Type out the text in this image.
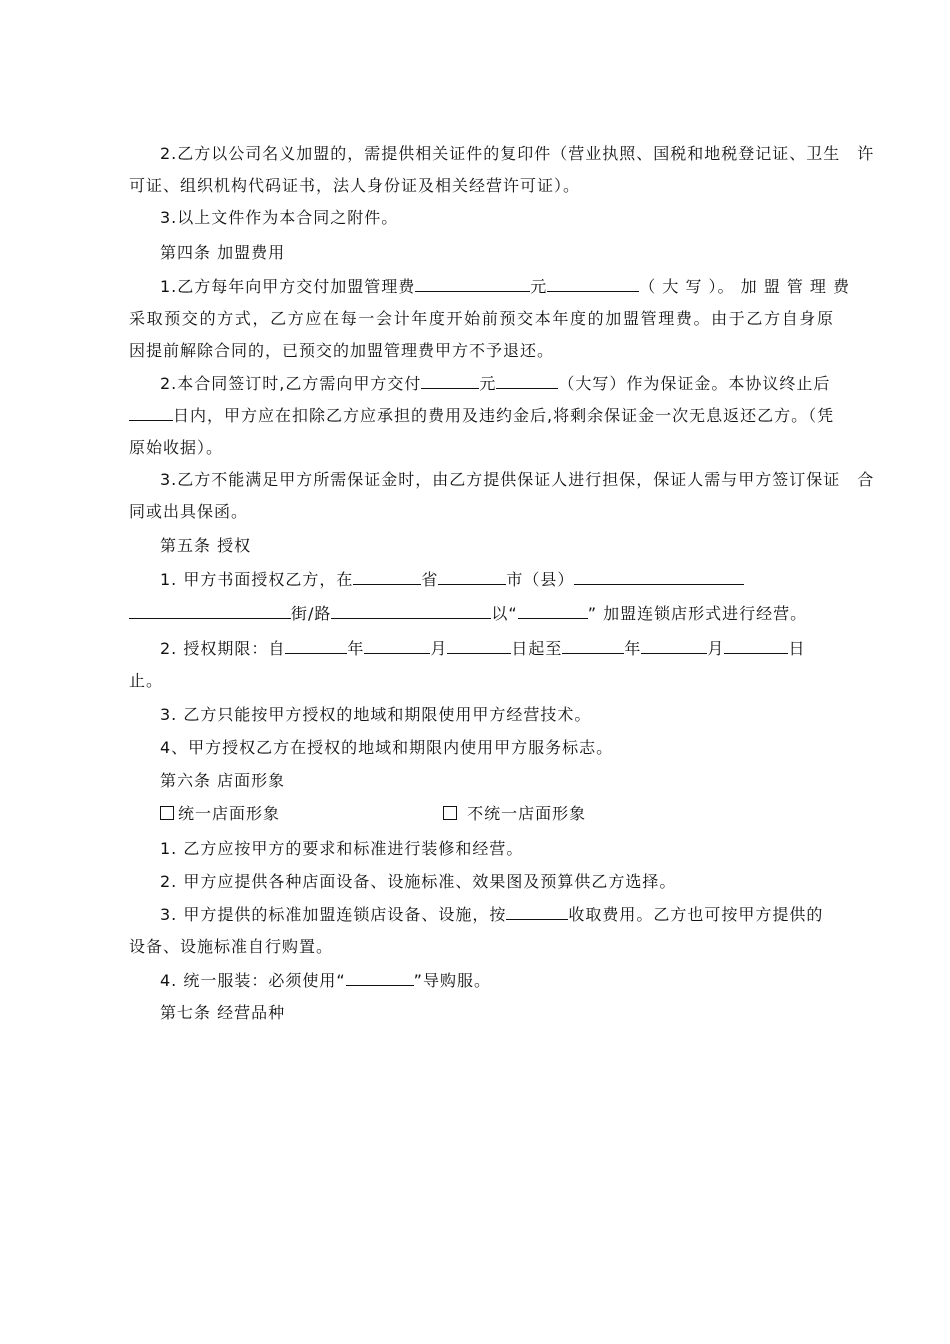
2.乙方以公司名义加盟的，需提供相关证件的复印件（营业执照、国税和地税登记证、卫生　许
可证、组织机构代码证书，法人身份证及相关经营许可证）。
3.以上文件作为本合同之附件。
第四条 加盟费用
1.乙方每年向甲方交付加盟管理费	元	（ 大 写 ）。 加 盟 管 理 费
采取预交的方式，乙方应在每一会计年度开始前预交本年度的加盟管理费。由于乙方自身原
因提前解除合同的，已预交的加盟管理费甲方不予退还。
2.本合同签订时,乙方需向甲方交付	元	（大写）作为保证金。本协议终止后
日内，甲方应在扣除乙方应承担的费用及违约金后,将剩余保证金一次无息返还乙方。（凭
原始收据）。
3.乙方不能满足甲方所需保证金时，由乙方提供保证人进行担保，保证人需与甲方签订保证　合
同或出具保函。
第五条 授权
1. 甲方书面授权乙方，在	省	市（县）
街/路	以“	” 加盟连锁店形式进行经营。
2. 授权期限：自	年	月	日起至	年	月	日
止。
3. 乙方只能按甲方授权的地域和期限使用甲方经营技术。
4、甲方授权乙方在授权的地域和期限内使用甲方服务标志。
第六条 店面形象
统一店面形象	不统一店面形象
1. 乙方应按甲方的要求和标准进行装修和经营。
2. 甲方应提供各种店面设备、设施标准、效果图及预算供乙方选择。
3. 甲方提供的标准加盟连锁店设备、设施，按	收取费用。乙方也可按甲方提供的
设备、设施标准自行购置。
4. 统一服装：必须使用“	”导购服。
第七条 经营品种
